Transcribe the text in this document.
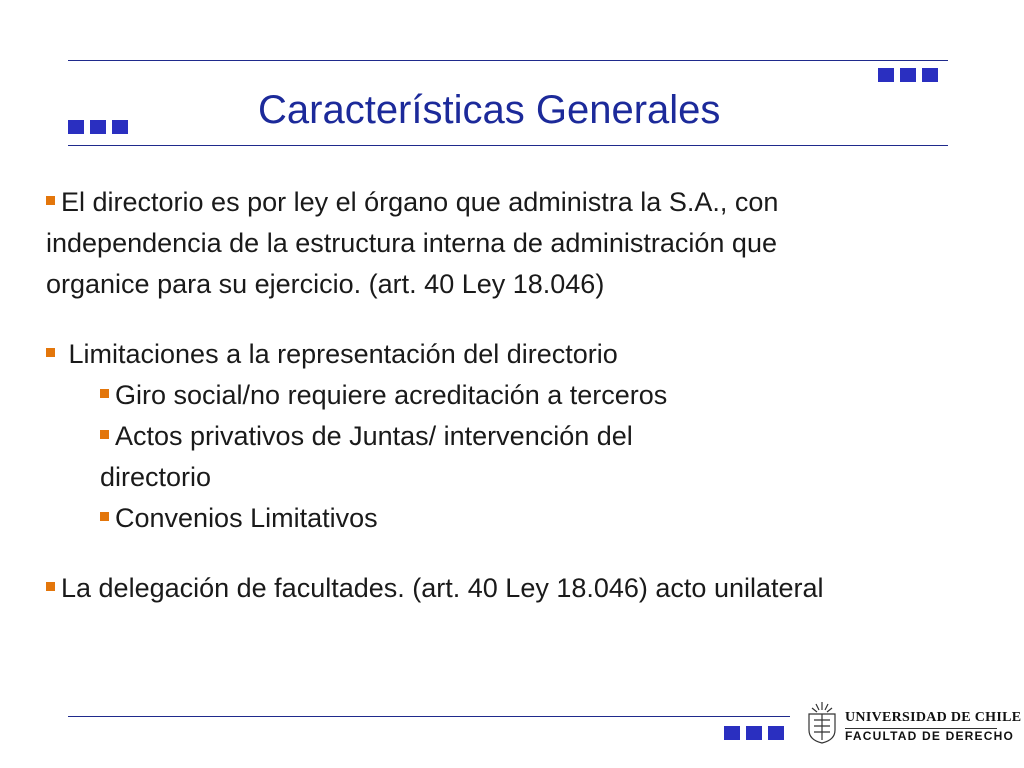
Características Generales

El directorio es por ley el órgano que administra la S.A., con
independencia de la estructura interna de administración que
organice para su ejercicio. (art. 40 Ley 18.046)

Limitaciones a la representación del directorio

Giro social/no requiere acreditación a terceros

Actos privativos de Juntas/ intervención del
directorio

Convenios Limitativos

La delegación de facultades. (art. 40 Ley 18.046) acto unilateral

UNIVERSIDAD DE CHILE
FACULTAD DE DERECHO
